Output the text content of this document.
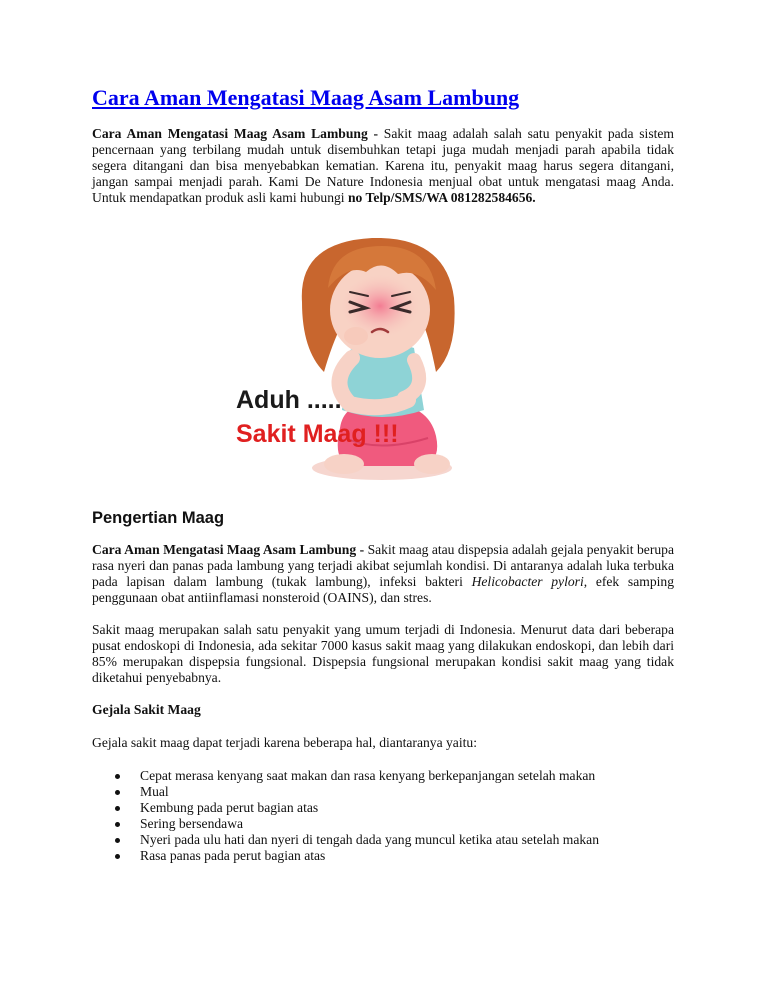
Cara Aman Mengatasi Maag Asam Lambung

Cara Aman Mengatasi Maag Asam Lambung - Sakit maag adalah salah satu penyakit pada sistem pencernaan yang terbilang mudah untuk disembuhkan tetapi juga mudah menjadi parah apabila tidak segera ditangani dan bisa menyebabkan kematian. Karena itu, penyakit maag harus segera ditangani, jangan sampai menjadi parah. Kami De Nature Indonesia menjual obat untuk mengatasi maag Anda. Untuk mendapatkan produk asli kami hubungi no Telp/SMS/WA 081282584656.

Aduh .....
Sakit Maag !!!
Pengertian Maag

Cara Aman Mengatasi Maag Asam Lambung - Sakit maag atau dispepsia adalah gejala penyakit berupa rasa nyeri dan panas pada lambung yang terjadi akibat sejumlah kondisi. Di antaranya adalah luka terbuka pada lapisan dalam lambung (tukak lambung), infeksi bakteri Helicobacter pylori, efek samping penggunaan obat antiinflamasi nonsteroid (OAINS), dan stres.

Sakit maag merupakan salah satu penyakit yang umum terjadi di Indonesia. Menurut data dari beberapa pusat endoskopi di Indonesia, ada sekitar 7000 kasus sakit maag yang dilakukan endoskopi, dan lebih dari 85% merupakan dispepsia fungsional. Dispepsia fungsional merupakan kondisi sakit maag yang tidak diketahui penyebabnya.

Gejala Sakit Maag

Gejala sakit maag dapat terjadi karena beberapa hal, diantaranya yaitu:

Cepat merasa kenyang saat makan dan rasa kenyang berkepanjangan setelah makan
Mual
Kembung pada perut bagian atas
Sering bersendawa
Nyeri pada ulu hati dan nyeri di tengah dada yang muncul ketika atau setelah makan
Rasa panas pada perut bagian atas
